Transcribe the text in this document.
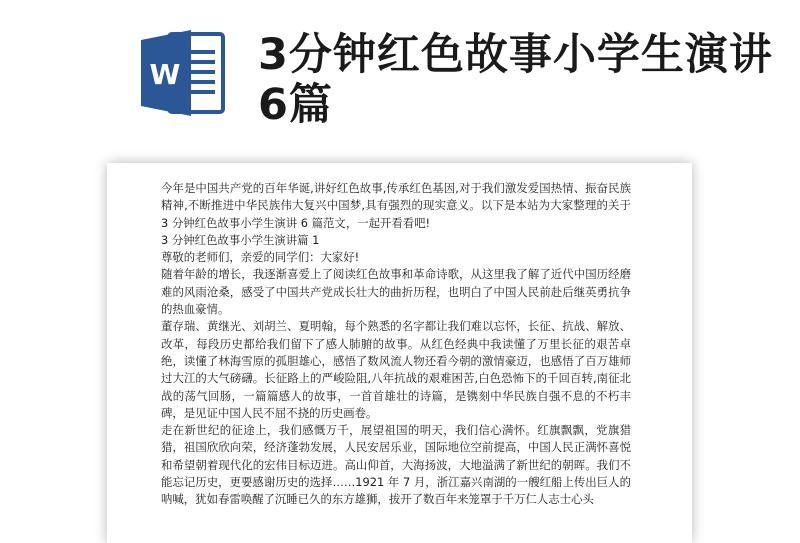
W 3分钟红色故事小学生演讲6篇

今年是中国共产党的百年华诞,讲好红色故事,传承红色基因,对于我们激发爱国热情、振奋民族精神,不断推进中华民族伟大复兴中国梦,具有强烈的现实意义。以下是本站为大家整理的关于 3 分钟红色故事小学生演讲 6 篇范文，一起开看看吧!

3 分钟红色故事小学生演讲篇 1

尊敬的老师们，亲爱的同学们：大家好!

随着年龄的增长，我逐渐喜爱上了阅读红色故事和革命诗歌，从这里我了解了近代中国历经磨难的风雨沧桑，感受了中国共产党成长壮大的曲折历程，也明白了中国人民前赴后继英勇抗争的热血豪情。

董存瑞、黄继光、刘胡兰、夏明翰，每个熟悉的名字都让我们难以忘怀，长征、抗战、解放、改革，每段历史都给我们留下了感人肺腑的故事。从红色经典中我读懂了万里长征的艰苦卓绝，读懂了林海雪原的孤胆雄心，感悟了数风流人物还看今朝的激情豪迈，也感悟了百万雄师过大江的大气磅礴。长征路上的严峻险阻,八年抗战的艰难困苦,白色恐怖下的千回百转,南征北战的荡气回肠，一篇篇感人的故事，一首首雄壮的诗篇，是镌刻中华民族自强不息的不朽丰碑，是见证中国人民不屈不挠的历史画卷。

走在新世纪的征途上，我们感慨万千，展望祖国的明天，我们信心满怀。红旗飘飘，党旗猎猎，祖国欣欣向荣，经济蓬勃发展，人民安居乐业，国际地位空前提高，中国人民正满怀喜悦和希望朝着现代化的宏伟目标迈进。高山仰首，大海扬波，大地溢满了新世纪的朝晖。我们不能忘记历史，更要感谢历史的选择……1921 年 7 月，浙江嘉兴南湖的一艘红船上传出巨人的呐喊，犹如春雷唤醒了沉睡已久的东方雄狮，拔开了数百年来笼罩于千万仁人志士心头
